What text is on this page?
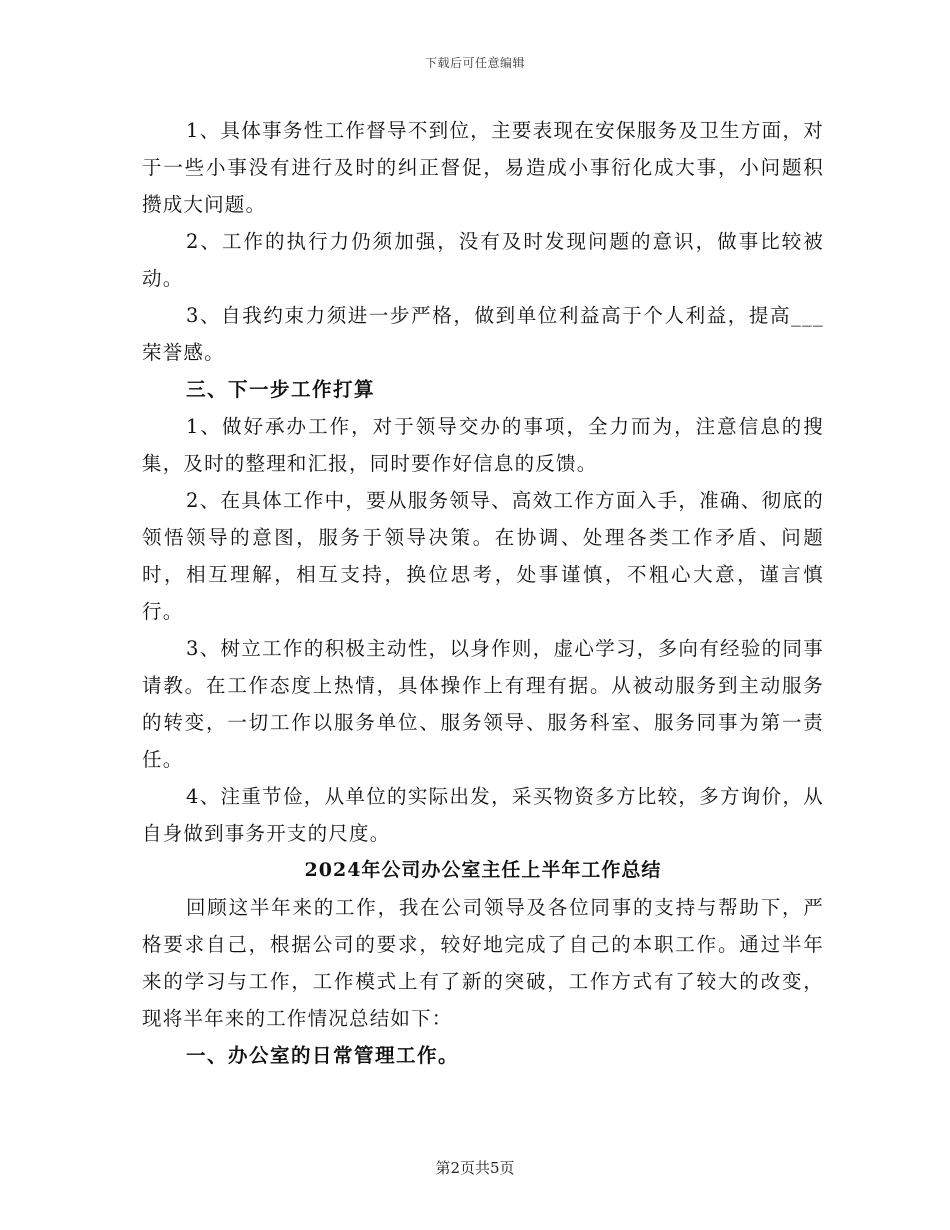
下载后可任意编辑

1、具体事务性工作督导不到位，主要表现在安保服务及卫生方面，对于一些小事没有进行及时的纠正督促，易造成小事衍化成大事，小问题积攒成大问题。

2、工作的执行力仍须加强，没有及时发现问题的意识，做事比较被动。

3、自我约束力须进一步严格，做到单位利益高于个人利益，提高___荣誉感。

三、下一步工作打算

1、做好承办工作，对于领导交办的事项，全力而为，注意信息的搜集，及时的整理和汇报，同时要作好信息的反馈。

2、在具体工作中，要从服务领导、高效工作方面入手，准确、彻底的领悟领导的意图，服务于领导决策。在协调、处理各类工作矛盾、问题时，相互理解，相互支持，换位思考，处事谨慎，不粗心大意，谨言慎行。

3、树立工作的积极主动性，以身作则，虚心学习，多向有经验的同事请教。在工作态度上热情，具体操作上有理有据。从被动服务到主动服务的转变，一切工作以服务单位、服务领导、服务科室、服务同事为第一责任。

4、注重节俭，从单位的实际出发，采买物资多方比较，多方询价，从自身做到事务开支的尺度。

2024年公司办公室主任上半年工作总结

回顾这半年来的工作，我在公司领导及各位同事的支持与帮助下，严格要求自己，根据公司的要求，较好地完成了自己的本职工作。通过半年来的学习与工作，工作模式上有了新的突破，工作方式有了较大的改变，现将半年来的工作情况总结如下：

一、办公室的日常管理工作。

第2页共5页
